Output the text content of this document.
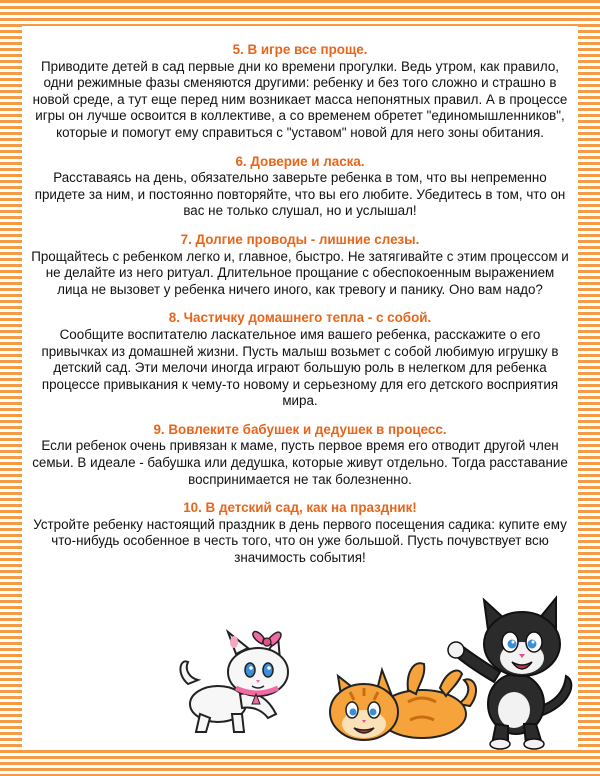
5. В игре все проще.
Приводите детей в сад первые дни ко времени прогулки. Ведь утром, как правило, одни режимные фазы сменяются другими: ребенку и без того сложно и страшно в новой среде, а тут еще перед ним возникает масса непонятных правил. А в процессе игры он лучше освоится в коллективе, а со временем обретет "единомышленников", которые и помогут ему справиться с "уставом" новой для него зоны обитания.
6. Доверие и ласка.
Расставаясь на день, обязательно заверьте ребенка в том, что вы непременно придете за ним, и постоянно повторяйте, что вы его любите. Убедитесь в том, что он вас не только слушал, но и услышал!
7. Долгие проводы - лишние слезы.
Прощайтесь с ребенком легко и, главное, быстро. Не затягивайте с этим процессом и не делайте из него ритуал. Длительное прощание с обеспокоенным выражением лица не вызовет у ребенка ничего иного, как тревогу и панику. Оно вам надо?
8. Частичку домашнего тепла - с собой.
Сообщите воспитателю ласкательное имя вашего ребенка, расскажите о его привычках из домашней жизни. Пусть малыш возьмет с собой любимую игрушку в детский сад. Эти мелочи иногда играют большую роль в нелегком для ребенка процессе привыкания к чему-то новому и серьезному для его детского восприятия мира.
9. Вовлеките бабушек и дедушек в процесс.
Если ребенок очень привязан к маме, пусть первое время его отводит другой член семьи. В идеале - бабушка или дедушка, которые живут отдельно. Тогда расставание воспринимается не так болезненно.
10. В детский сад, как на праздник!
Устройте ребенку настоящий праздник в день первого посещения садика: купите ему что-нибудь особенное в честь того, что он уже большой. Пусть почувствует всю значимость события!
